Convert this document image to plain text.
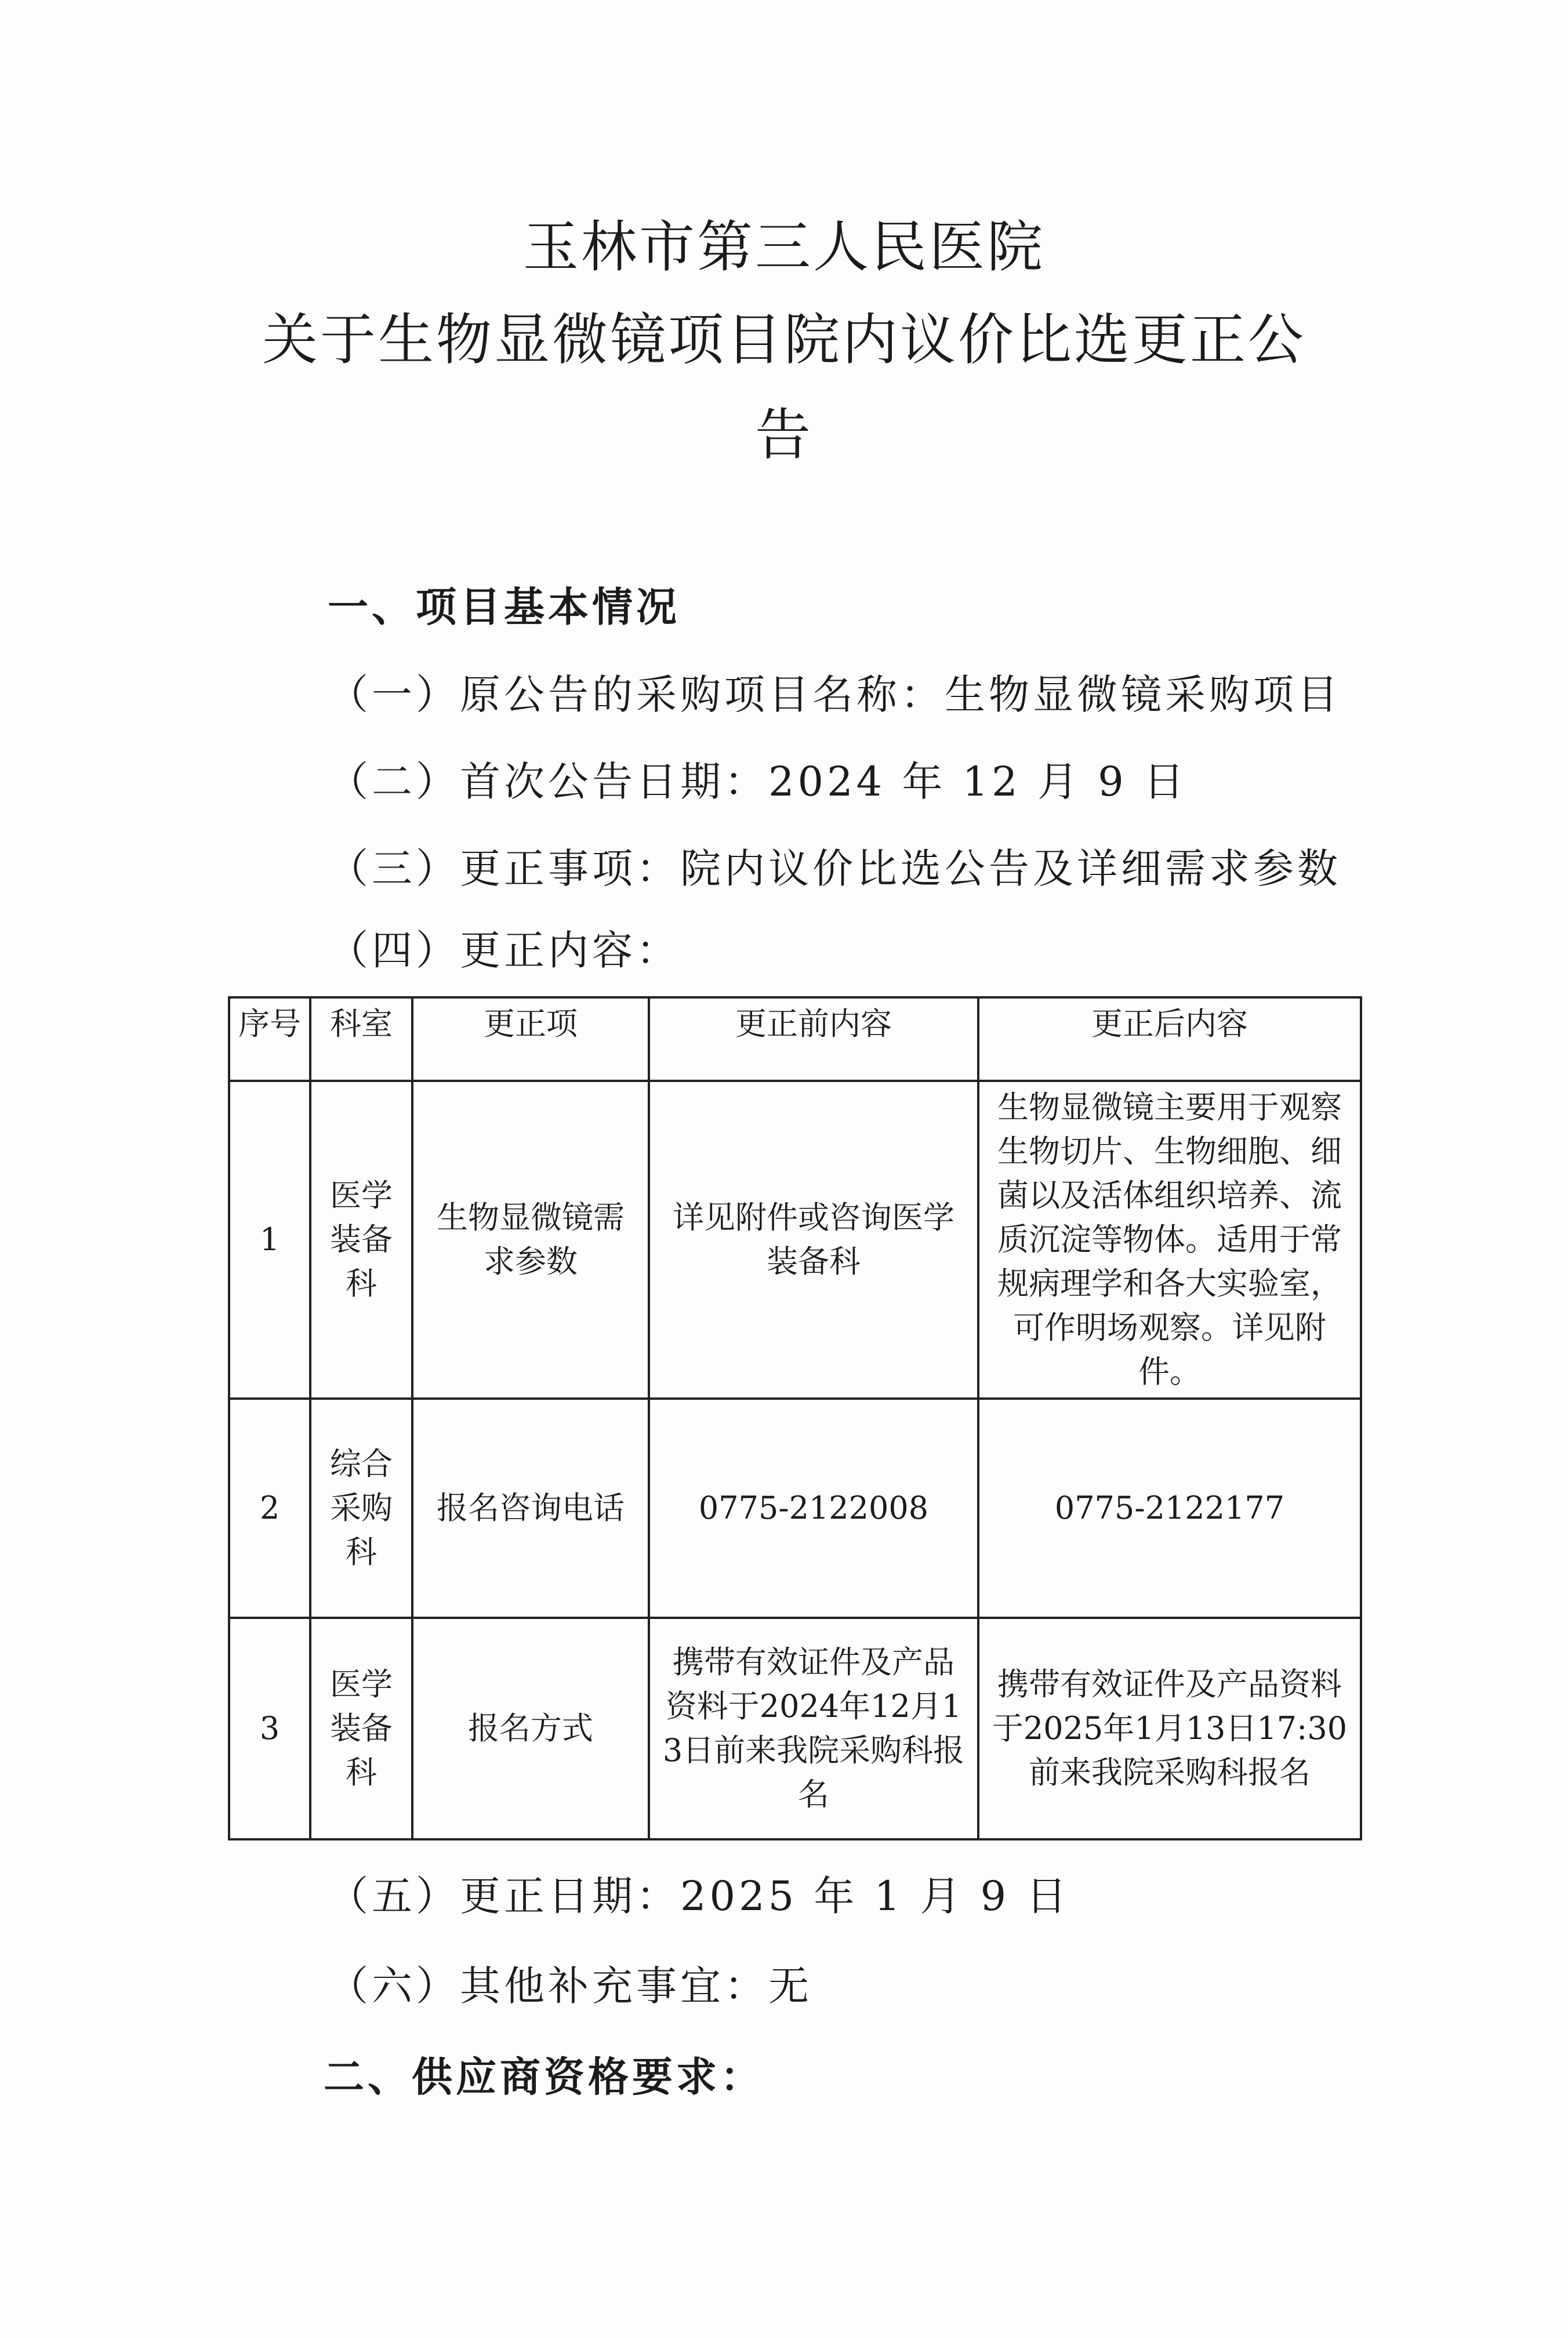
玉林市第三人民医院
关于生物显微镜项目院内议价比选更正公
告
一、项目基本情况
（一）原公告的采购项目名称：生物显微镜采购项目
（二）首次公告日期：2024 年 12 月 9 日
（三）更正事项：院内议价比选公告及详细需求参数
（四）更正内容：
序号	科室	更正项	更正前内容	更正后内容
1	医学装备科	生物显微镜需求参数	详见附件或咨询医学装备科	生物显微镜主要用于观察生物切片、生物细胞、细菌以及活体组织培养、流质沉淀等物体。适用于常规病理学和各大实验室，可作明场观察。详见附件。
2	综合采购科	报名咨询电话	0775-2122008	0775-2122177
3	医学装备科	报名方式	携带有效证件及产品资料于2024年12月13日前来我院采购科报名	携带有效证件及产品资料于2025年1月13日17:30前来我院采购科报名
（五）更正日期：2025 年 1 月 9 日
（六）其他补充事宜：无
二、供应商资格要求：
